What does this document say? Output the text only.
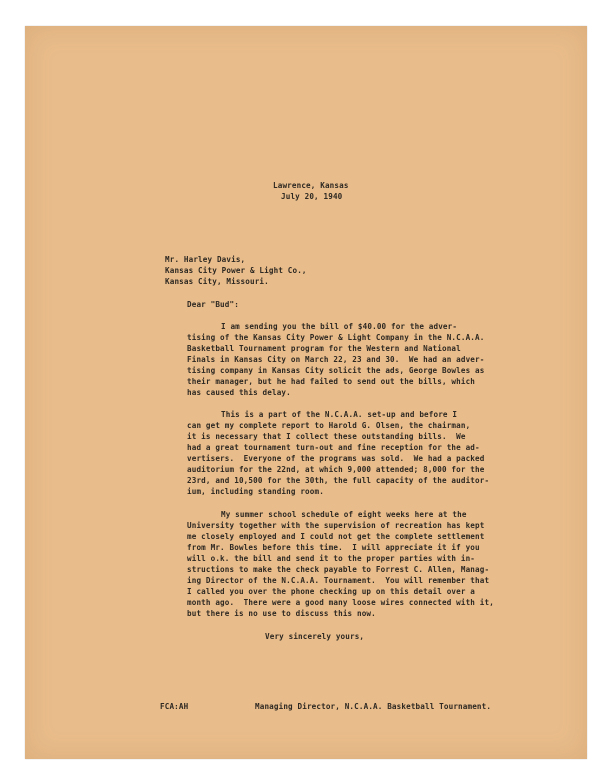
Lawrence, Kansas
July 20, 1940
Mr. Harley Davis,
Kansas City Power & Light Co.,
Kansas City, Missouri.
Dear "Bud":
I am sending you the bill of $40.00 for the adver-
tising of the Kansas City Power & Light Company in the N.C.A.A.
Basketball Tournament program for the Western and National
Finals in Kansas City on March 22, 23 and 30.  We had an adver-
tising company in Kansas City solicit the ads, George Bowles as
their manager, but he had failed to send out the bills, which
has caused this delay.
This is a part of the N.C.A.A. set-up and before I
can get my complete report to Harold G. Olsen, the chairman,
it is necessary that I collect these outstanding bills.  We
had a great tournament turn-out and fine reception for the ad-
vertisers.  Everyone of the programs was sold.  We had a packed
auditorium for the 22nd, at which 9,000 attended; 8,000 for the
23rd, and 10,500 for the 30th, the full capacity of the auditor-
ium, including standing room.
My summer school schedule of eight weeks here at the
University together with the supervision of recreation has kept
me closely employed and I could not get the complete settlement
from Mr. Bowles before this time.  I will appreciate it if you
will o.k. the bill and send it to the proper parties with in-
structions to make the check payable to Forrest C. Allen, Manag-
ing Director of the N.C.A.A. Tournament.  You will remember that
I called you over the phone checking up on this detail over a
month ago.  There were a good many loose wires connected with it,
but there is no use to discuss this now.
Very sincerely yours,
FCA:AH	Managing Director, N.C.A.A. Basketball Tournament.
